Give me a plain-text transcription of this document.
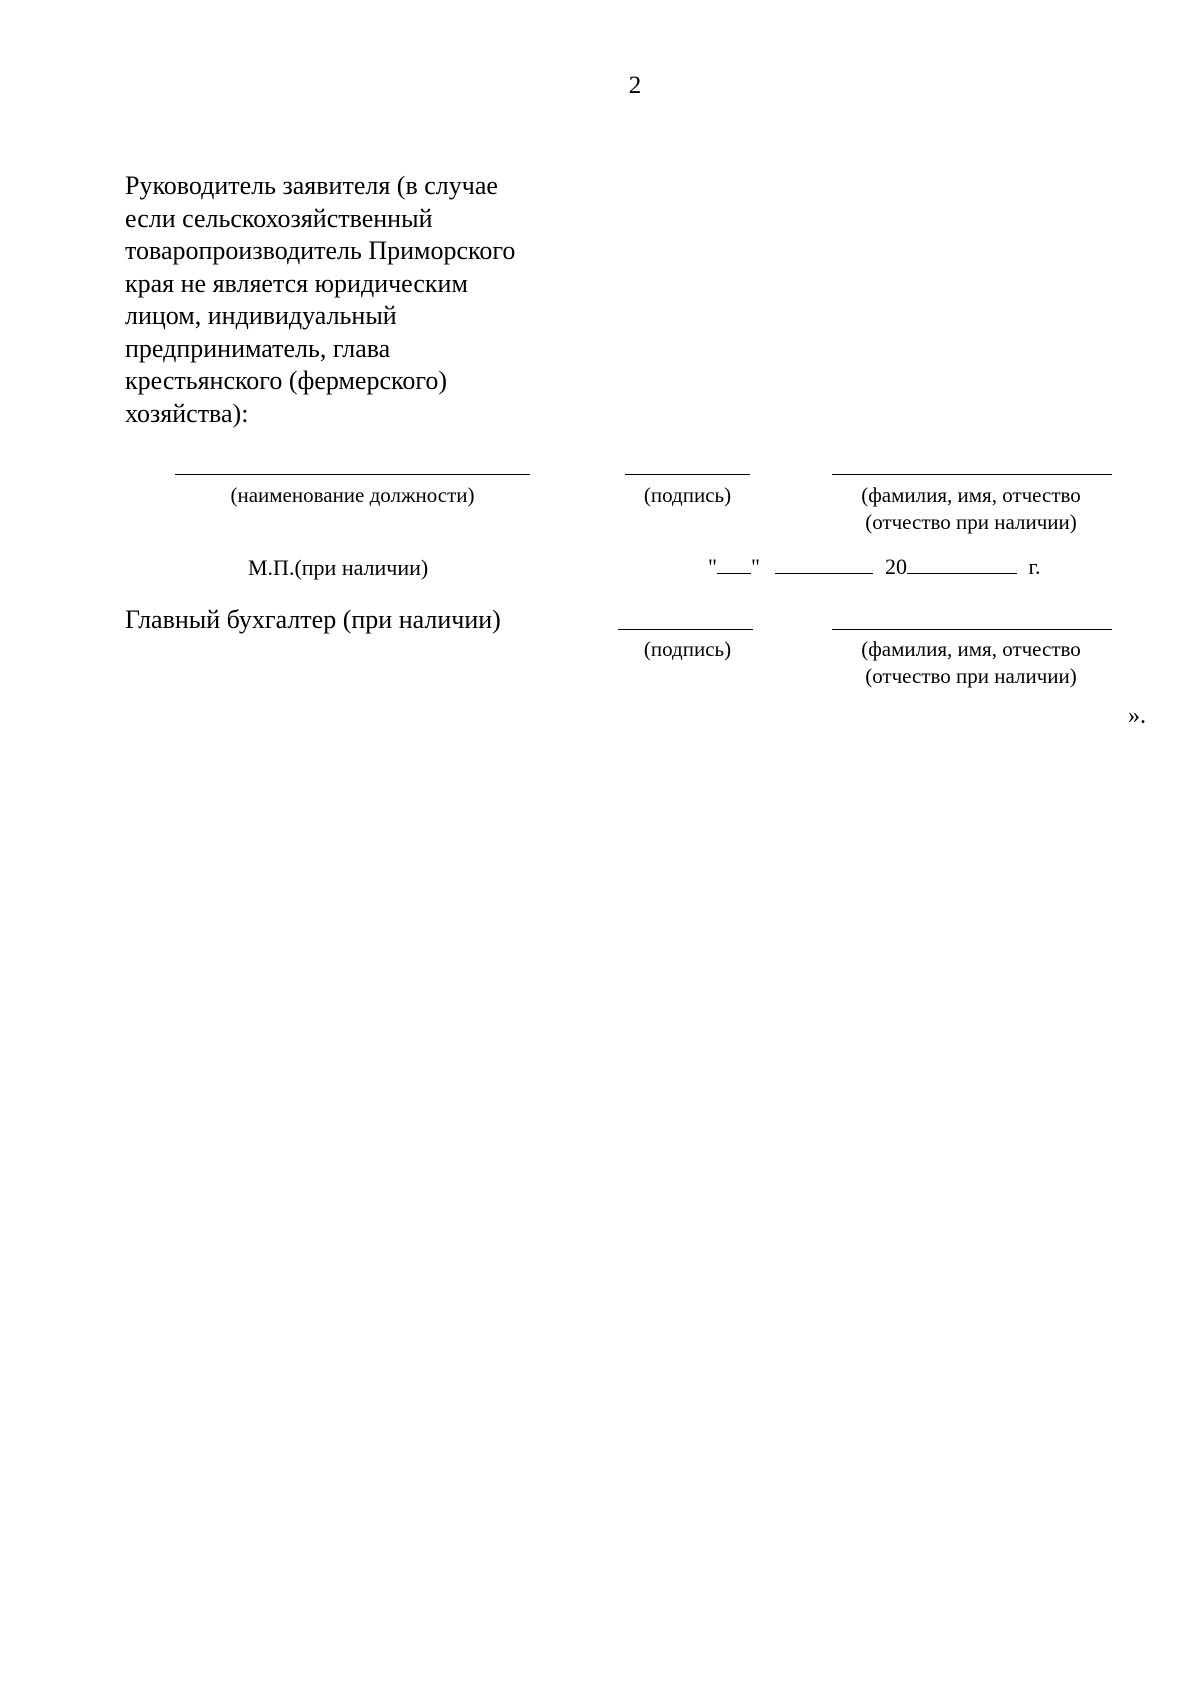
2
Руководитель заявителя (в случае
если сельскохозяйственный
товаропроизводитель Приморского
края не является юридическим
лицом, индивидуальный
предприниматель, глава
крестьянского (фермерского)
хозяйства):
(наименование должности)	(подпись)	(фамилия, имя, отчество
(отчество при наличии)
М.П.(при наличии)	" "	20	г.
Главный бухгалтер (при наличии)
(подпись)	(фамилия, имя, отчество
(отчество при наличии)
».
